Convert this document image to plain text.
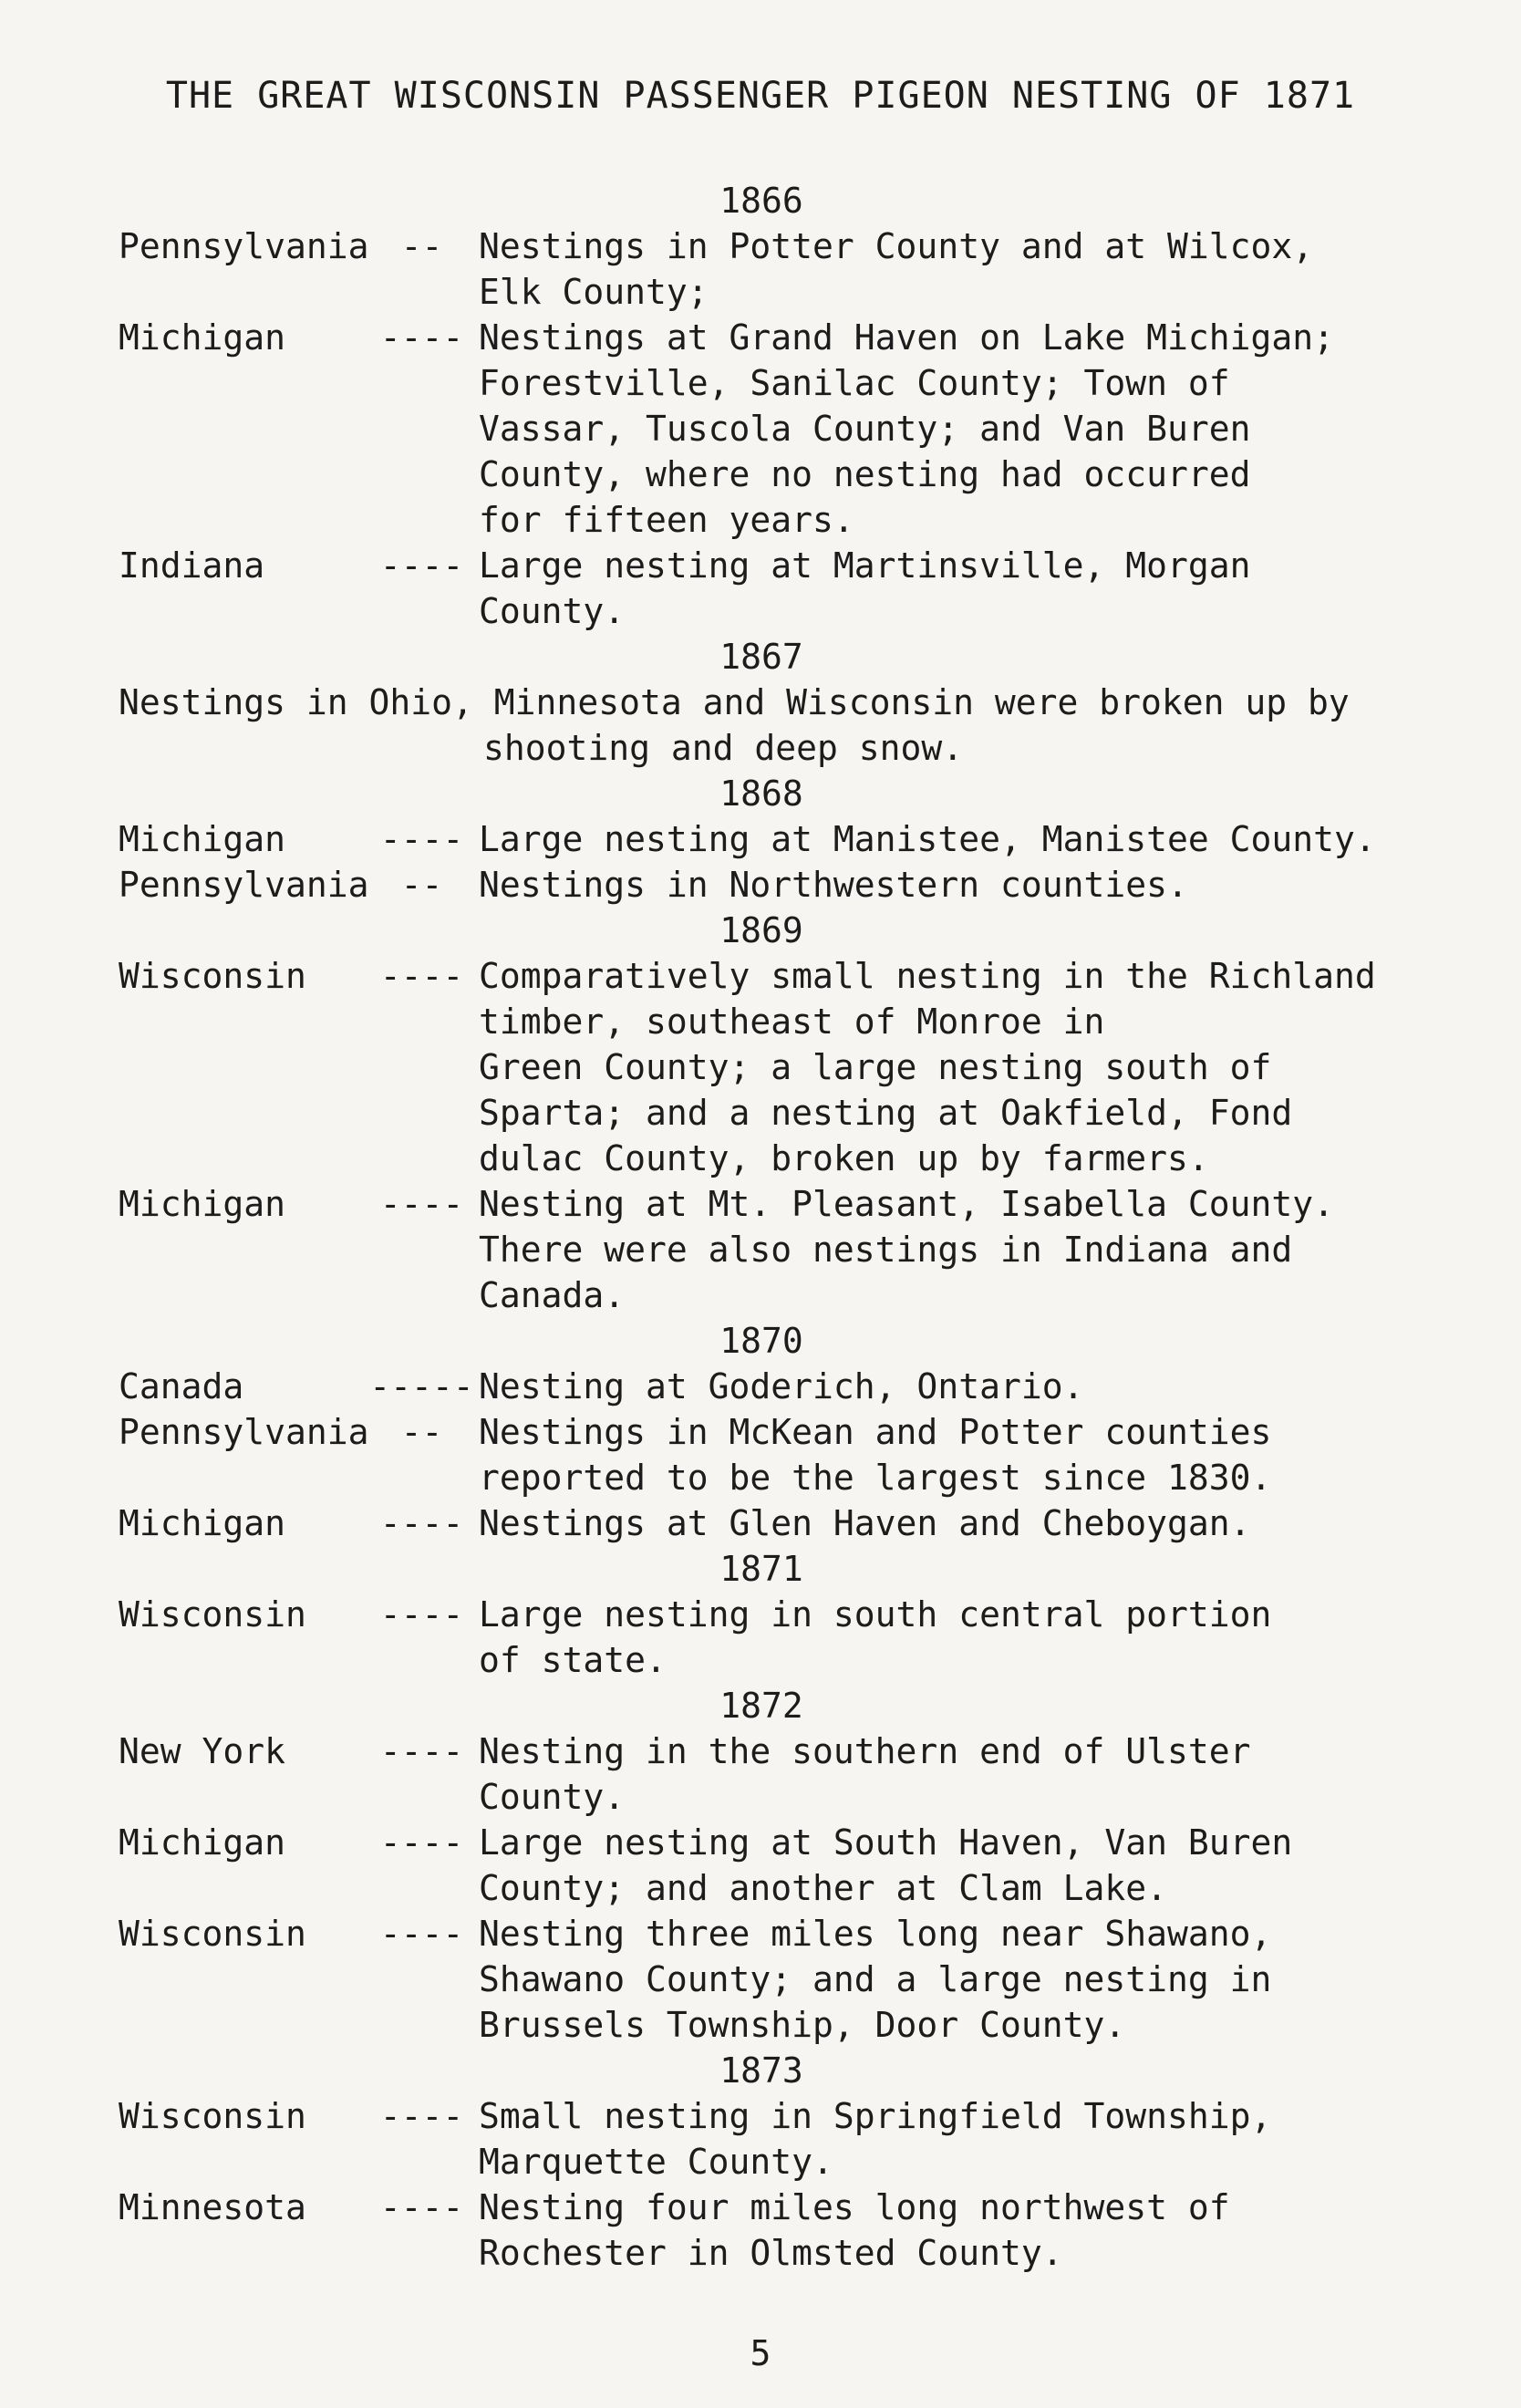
THE GREAT WISCONSIN PASSENGER PIGEON NESTING OF 1871
1866
Pennsylvania --	Nestings in Potter County and at Wilcox,
Elk County;
Michigan	---- Nestings at Grand Haven on Lake Michigan;
Forestville, Sanilac County; Town of
Vassar, Tuscola County; and Van Buren
County, where no nesting had occurred
for fifteen years.
Indiana	---- Large nesting at Martinsville, Morgan
County.
1867
Nestings in Ohio, Minnesota and Wisconsin were broken up by shooting and deep snow.
1868
Michigan	---- Large nesting at Manistee, Manistee County.
Pennsylvania --	Nestings in Northwestern counties.
1869
Wisconsin	---- Comparatively small nesting in the Richland timber, southeast of Monroe in
Green County; a large nesting south of
Sparta; and a nesting at Oakfield, Fond
dulac County, broken up by farmers.
Michigan	---- Nesting at Mt. Pleasant, Isabella County.
There were also nestings in Indiana and
Canada.
1870
Canada	----- Nesting at Goderich, Ontario.
Pennsylvania --	Nestings in McKean and Potter counties
reported to be the largest since 1830.
Michigan	---- Nestings at Glen Haven and Cheboygan.
1871
Wisconsin	---- Large nesting in south central portion
of state.
1872
New York	---- Nesting in the southern end of Ulster
County.
Michigan	---- Large nesting at South Haven, Van Buren
County; and another at Clam Lake.
Wisconsin	---- Nesting three miles long near Shawano,
Shawano County; and a large nesting in
Brussels Township, Door County.
1873
Wisconsin	---- Small nesting in Springfield Township,
Marquette County.
Minnesota	---- Nesting four miles long northwest of
Rochester in Olmsted County.
5
